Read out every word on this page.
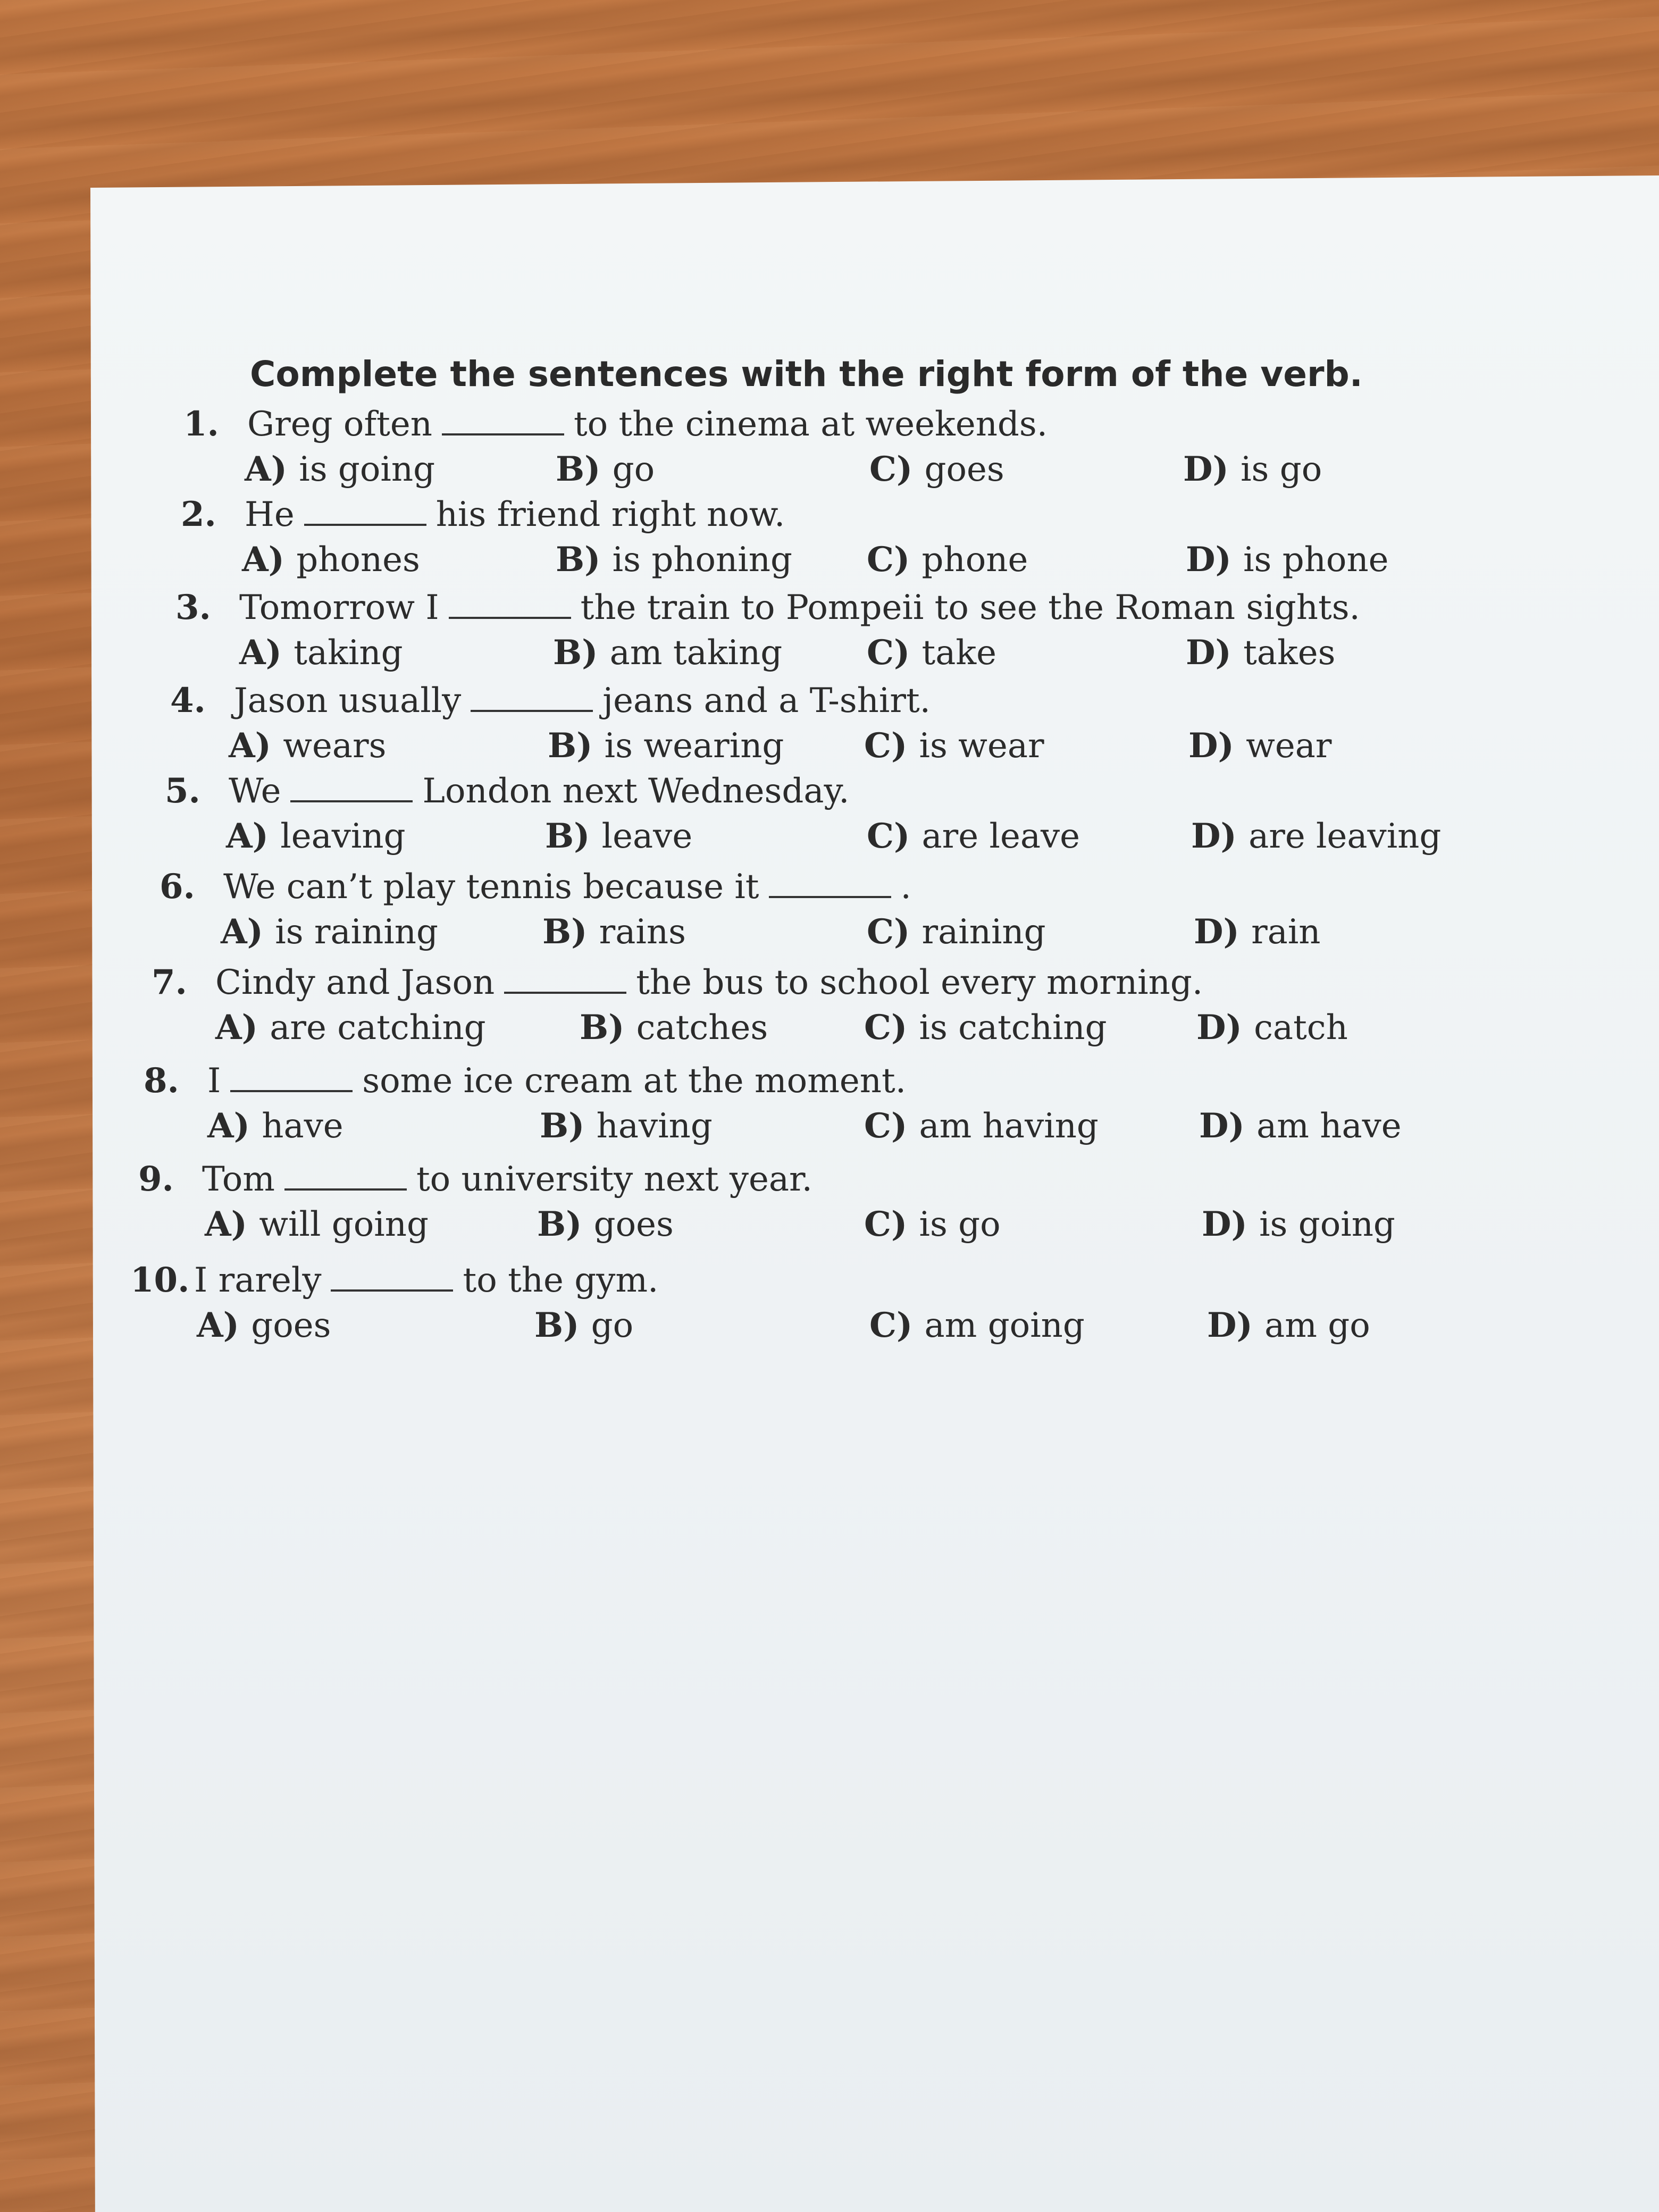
Complete the sentences with the right form of the verb.
1. Greg often	to the cinema at weekends.
A) is going	B) go	C) goes	D) is go
2. He	his friend right now.
A) phones	B) is phoning C) phone	D) is phone
3. Tomorrow I	the train to Pompeii to see the Roman sights.
A) taking	B) am taking C) take	D) takes
4. Jason usually	jeans and a T-shirt.
A) wears	B) is wearing C) is wear	D) wear
5. We	London next Wednesday.
A) leaving	B) leave	C) are leave	D) are leaving
6. We can’t play tennis because it	.
A) is raining	B) rains	C) raining	D) rain
7. Cindy and Jason	the bus to school every morning.
A) are catching	B) catches	C) is catching	D) catch
8. I	some ice cream at the moment.
A) have	B) having	C) am having	D) am have
9. Tom	to university next year.
A) will going	B) goes	C) is go	D) is going
10. I rarely	to the gym.
A) goes	B) go	C) am going	D) am go
